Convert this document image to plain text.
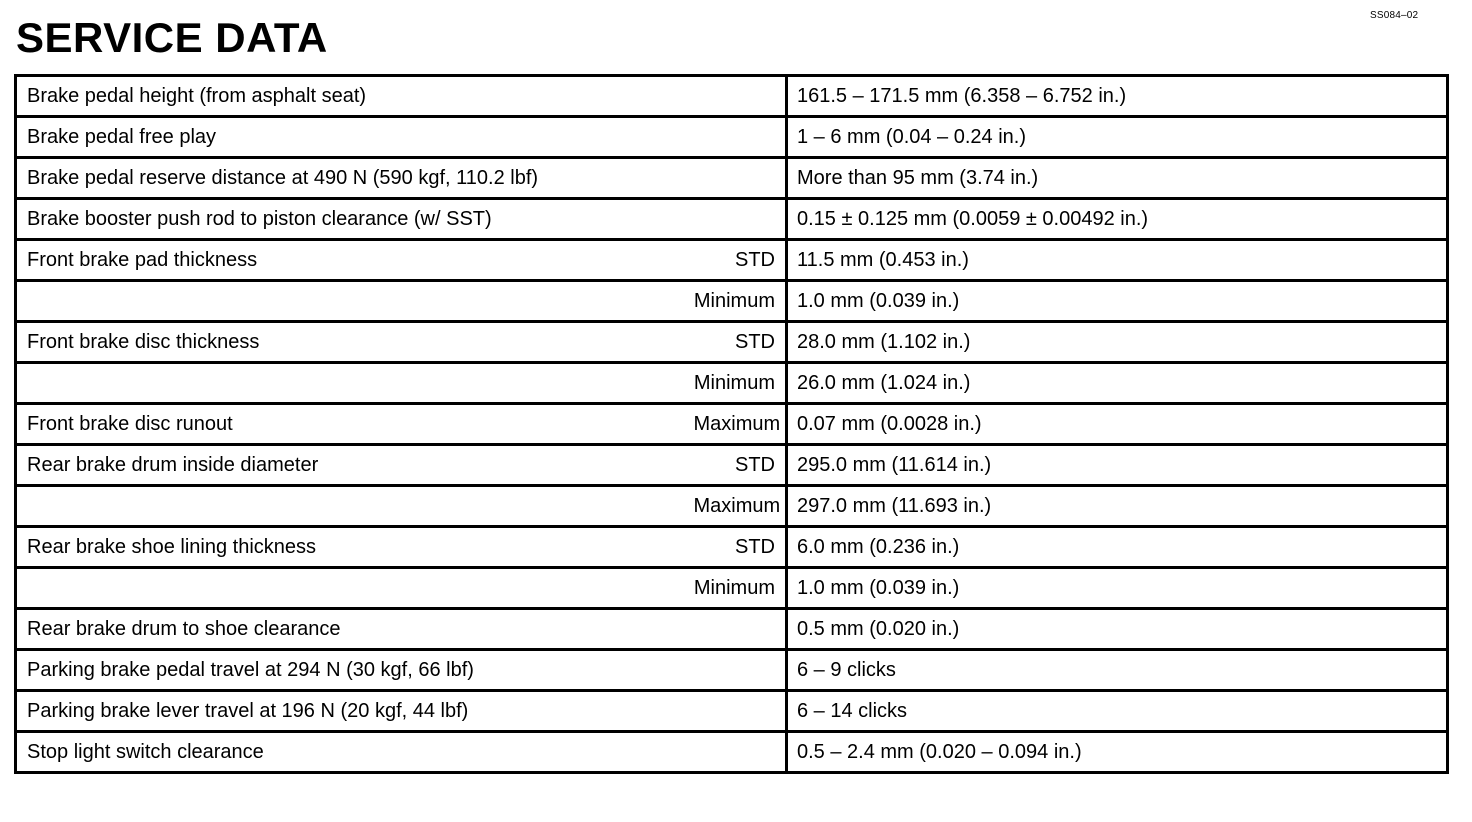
SS084–02
SERVICE DATA
Brake pedal height (from asphalt seat)		161.5 – 171.5 mm (6.358 – 6.752 in.)
Brake pedal free play		1 – 6 mm (0.04 – 0.24 in.)
Brake pedal reserve distance at 490 N (590 kgf, 110.2 lbf)		More than 95 mm (3.74 in.)
Brake booster push rod to piston clearance (w/ SST)		0.15 ± 0.125 mm (0.0059 ± 0.00492 in.)
Front brake pad thickness	STD	11.5 mm (0.453 in.)
	Minimum	1.0 mm (0.039 in.)
Front brake disc thickness	STD	28.0 mm (1.102 in.)
	Minimum	26.0 mm (1.024 in.)
Front brake disc runout	Maximum	0.07 mm (0.0028 in.)
Rear brake drum inside diameter	STD	295.0 mm (11.614 in.)
	Maximum	297.0 mm (11.693 in.)
Rear brake shoe lining thickness	STD	6.0 mm (0.236 in.)
	Minimum	1.0 mm (0.039 in.)
Rear brake drum to shoe clearance		0.5 mm (0.020 in.)
Parking brake pedal travel at 294 N (30 kgf, 66 lbf)		6 – 9 clicks
Parking brake lever travel at 196 N (20 kgf, 44 lbf)		6 – 14 clicks
Stop light switch clearance		0.5 – 2.4 mm (0.020 – 0.094 in.)
